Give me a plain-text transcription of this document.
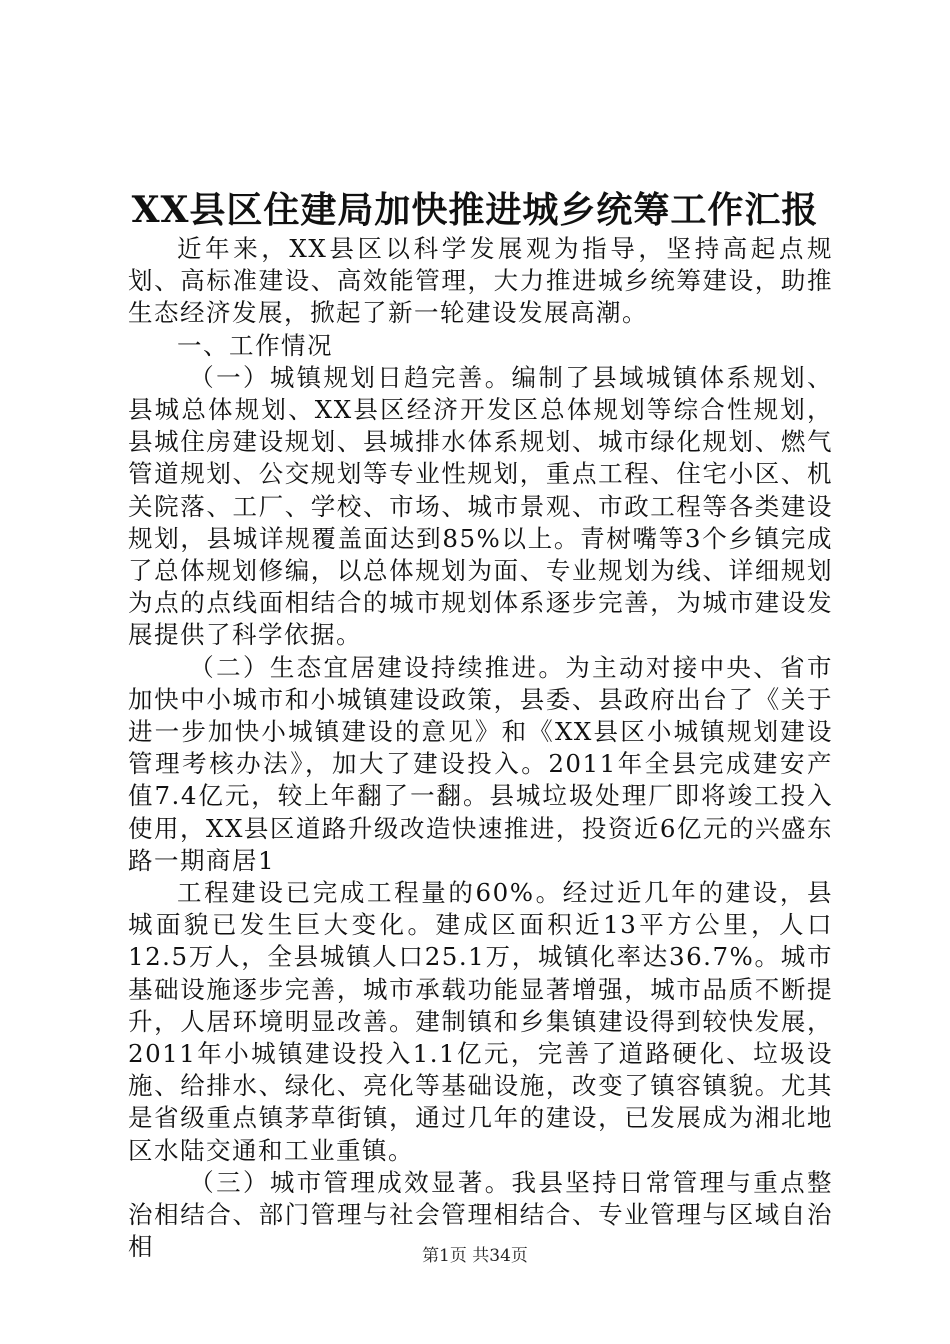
XX县区住建局加快推进城乡统筹工作汇报

近年来，XX县区以科学发展观为指导，坚持高起点规划、高标准建设、高效能管理，大力推进城乡统筹建设，助推生态经济发展，掀起了新一轮建设发展高潮。

一、工作情况

（一）城镇规划日趋完善。编制了县域城镇体系规划、县城总体规划、XX县区经济开发区总体规划等综合性规划，县城住房建设规划、县城排水体系规划、城市绿化规划、燃气管道规划、公交规划等专业性规划，重点工程、住宅小区、机关院落、工厂、学校、市场、城市景观、市政工程等各类建设规划，县城详规覆盖面达到85%以上。青树嘴等3个乡镇完成了总体规划修编，以总体规划为面、专业规划为线、详细规划为点的点线面相结合的城市规划体系逐步完善，为城市建设发展提供了科学依据。

（二）生态宜居建设持续推进。为主动对接中央、省市加快中小城市和小城镇建设政策，县委、县政府出台了《关于进一步加快小城镇建设的意见》和《XX县区小城镇规划建设管理考核办法》，加大了建设投入。2011年全县完成建安产值7.4亿元，较上年翻了一翻。县城垃圾处理厂即将竣工投入使用，XX县区道路升级改造快速推进，投资近6亿元的兴盛东路一期商居1

工程建设已完成工程量的60%。经过近几年的建设，县城面貌已发生巨大变化。建成区面积近13平方公里，人口12.5万人，全县城镇人口25.1万，城镇化率达36.7%。城市基础设施逐步完善，城市承载功能显著增强，城市品质不断提升，人居环境明显改善。建制镇和乡集镇建设得到较快发展，2011年小城镇建设投入1.1亿元，完善了道路硬化、垃圾设施、给排水、绿化、亮化等基础设施，改变了镇容镇貌。尤其是省级重点镇茅草街镇，通过几年的建设，已发展成为湘北地区水陆交通和工业重镇。

（三）城市管理成效显著。我县坚持日常管理与重点整治相结合、部门管理与社会管理相结合、专业管理与区域自治相	第1页 共34页
